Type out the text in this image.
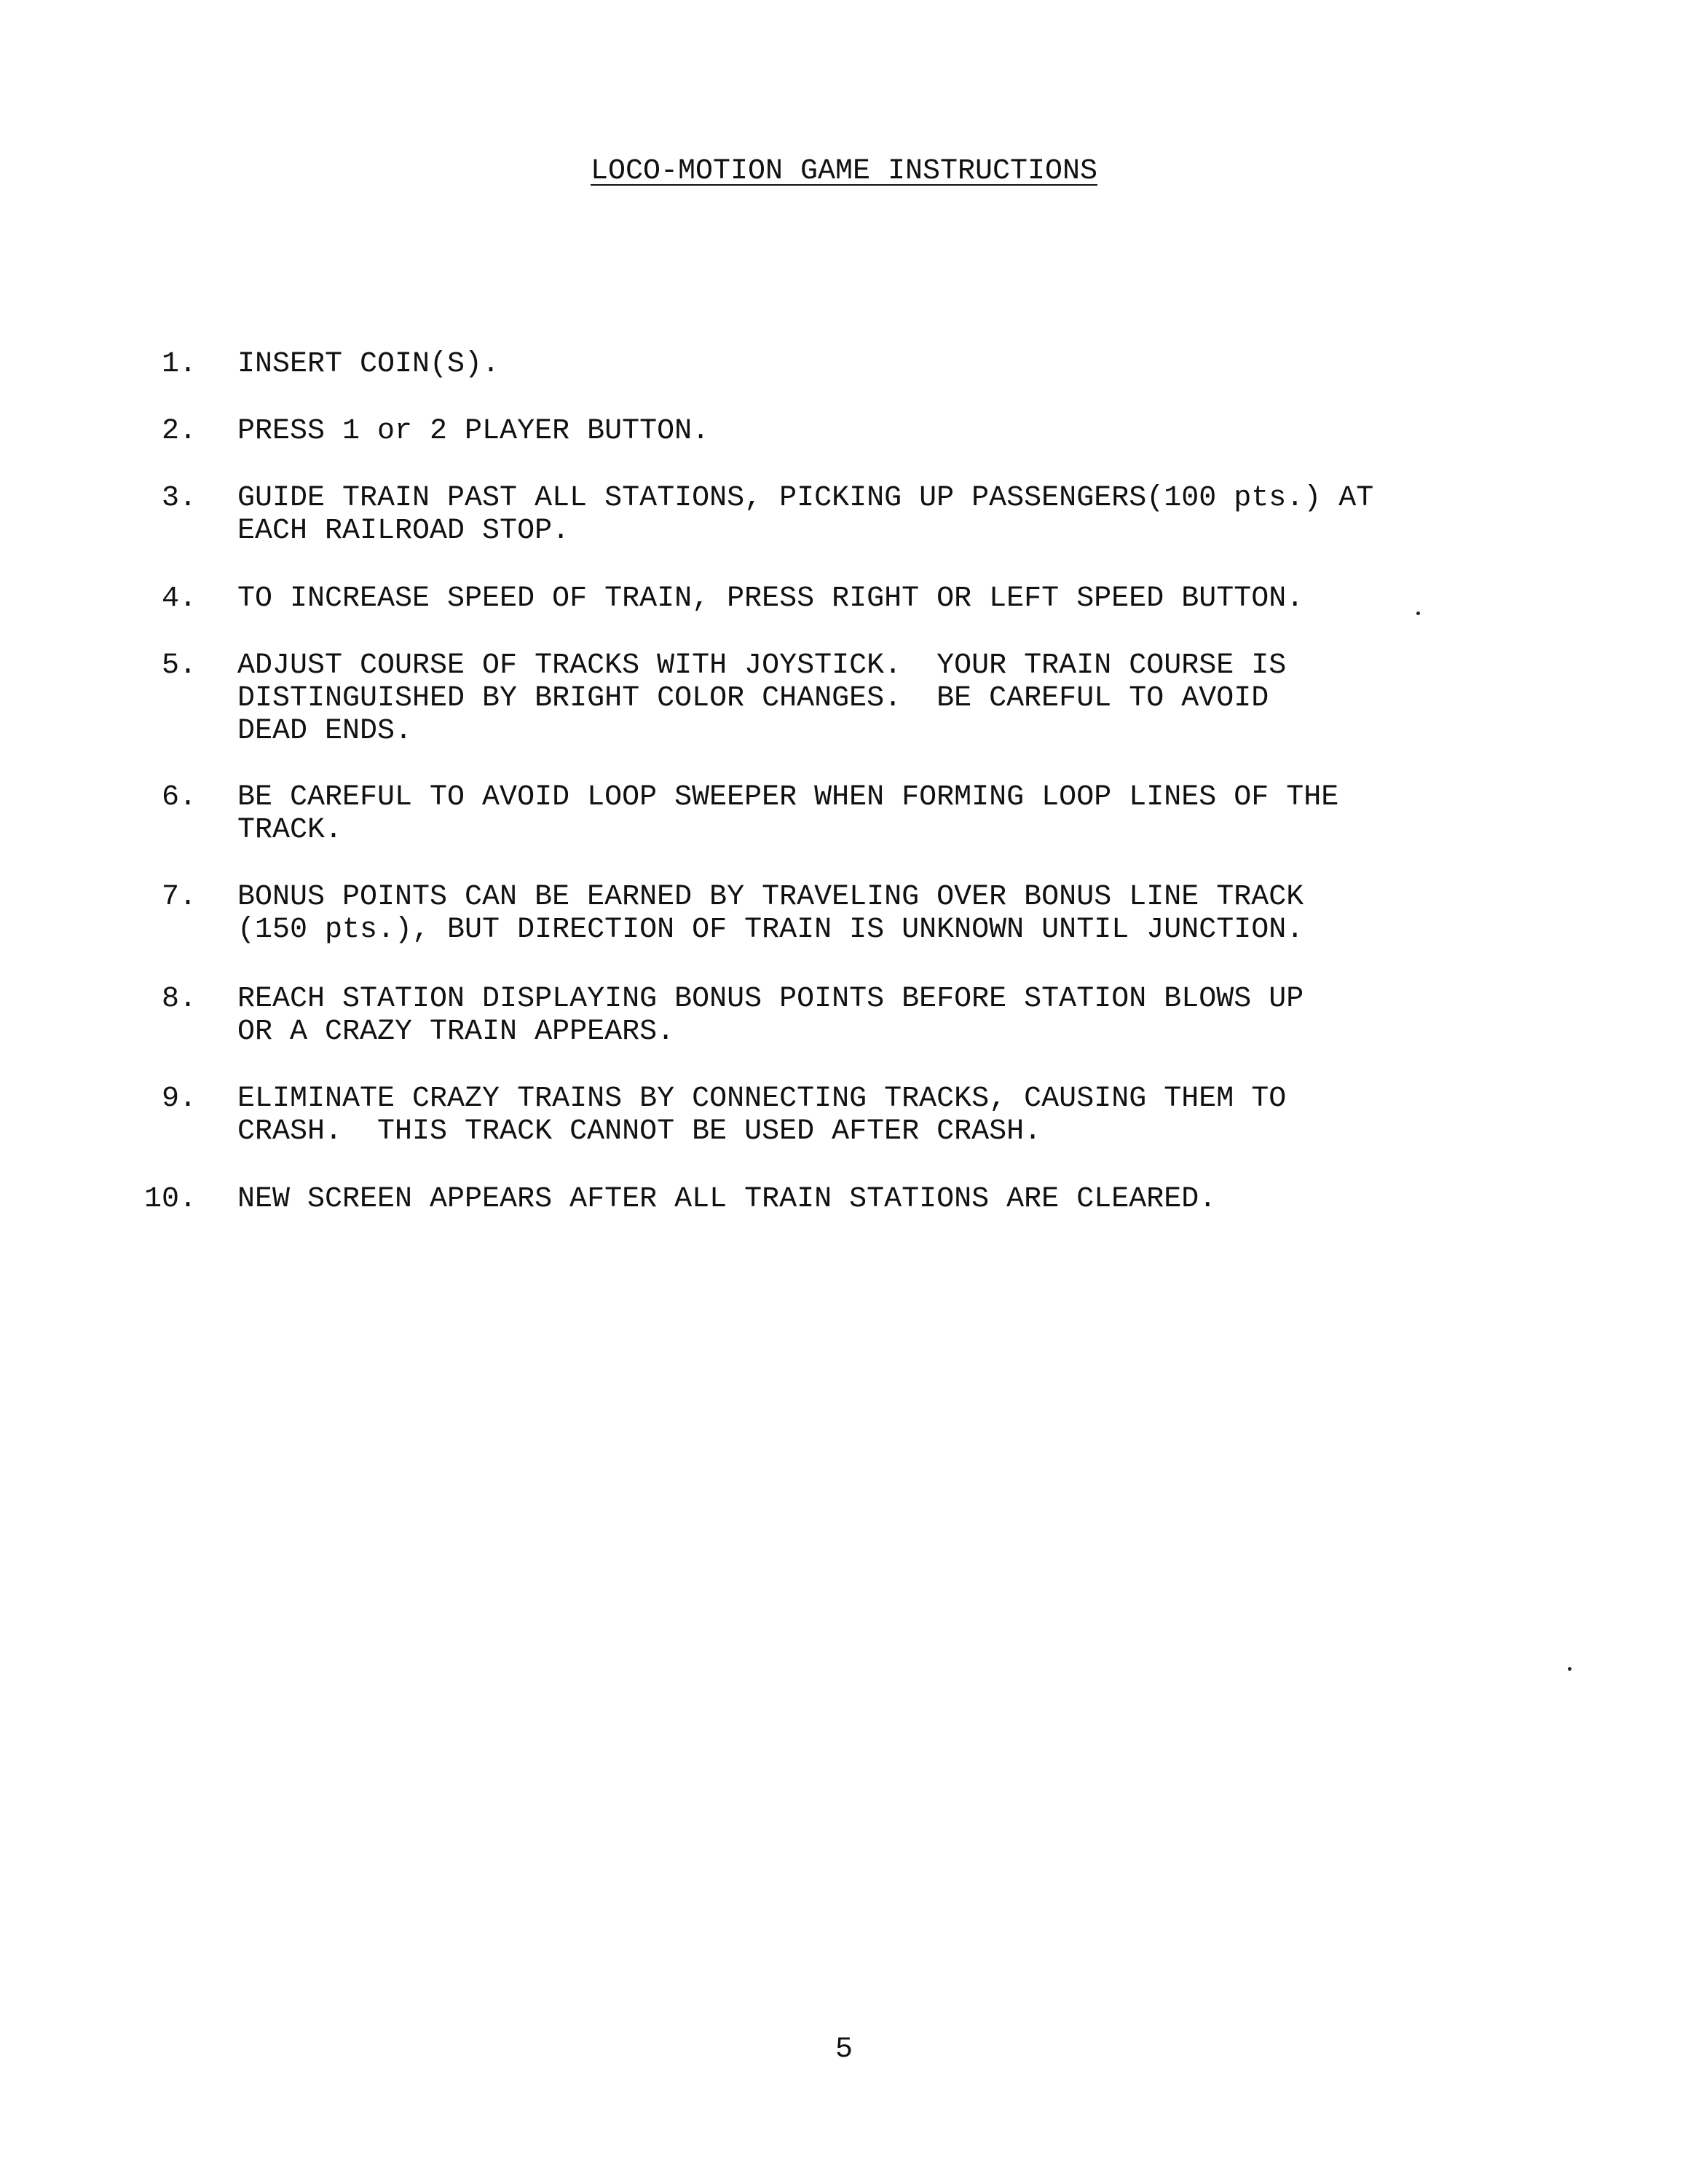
LOCO-MOTION GAME INSTRUCTIONS
1. INSERT COIN(S).
2. PRESS 1 or 2 PLAYER BUTTON.
3. GUIDE TRAIN PAST ALL STATIONS, PICKING UP PASSENGERS(100 pts.) AT
EACH RAILROAD STOP.
4. TO INCREASE SPEED OF TRAIN, PRESS RIGHT OR LEFT SPEED BUTTON.
5. ADJUST COURSE OF TRACKS WITH JOYSTICK.  YOUR TRAIN COURSE IS
DISTINGUISHED BY BRIGHT COLOR CHANGES.  BE CAREFUL TO AVOID
DEAD ENDS.
6. BE CAREFUL TO AVOID LOOP SWEEPER WHEN FORMING LOOP LINES OF THE
TRACK.
7. BONUS POINTS CAN BE EARNED BY TRAVELING OVER BONUS LINE TRACK
(150 pts.), BUT DIRECTION OF TRAIN IS UNKNOWN UNTIL JUNCTION.
8. REACH STATION DISPLAYING BONUS POINTS BEFORE STATION BLOWS UP
OR A CRAZY TRAIN APPEARS.
9. ELIMINATE CRAZY TRAINS BY CONNECTING TRACKS, CAUSING THEM TO
CRASH.  THIS TRACK CANNOT BE USED AFTER CRASH.
10. NEW SCREEN APPEARS AFTER ALL TRAIN STATIONS ARE CLEARED.
5
